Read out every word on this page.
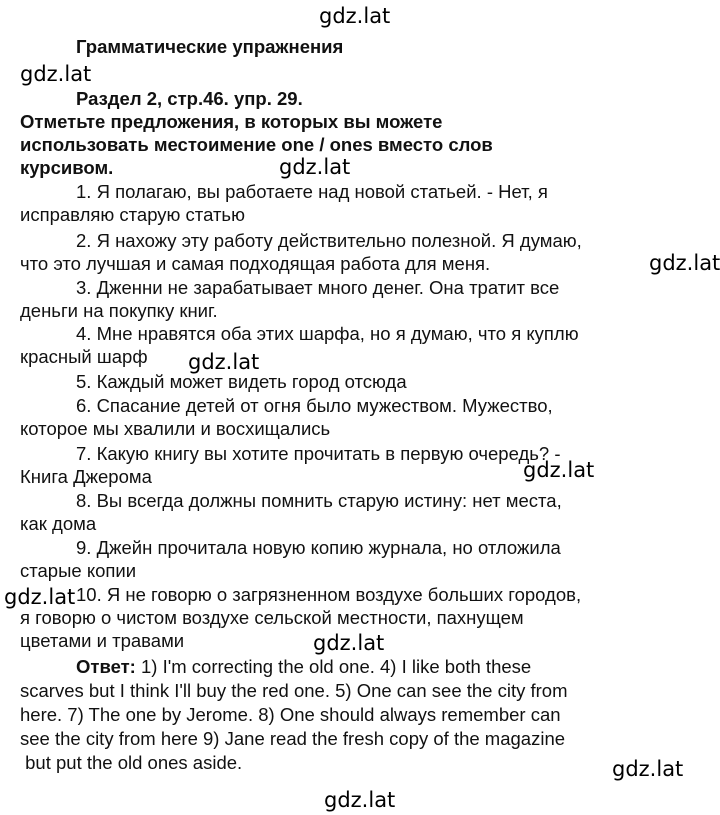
gdz.lat
gdz.lat
gdz.lat
gdz.lat
gdz.lat
gdz.lat
gdz.lat
gdz.lat
gdz.lat
gdz.lat
Грамматические упражнения
Раздел 2, стр.46. упр. 29.
Отметьте предложения, в которых вы можете
использовать местоимение one / ones вместо слов
курсивом.
1. Я полагаю, вы работаете над новой статьей. - Нет, я
исправляю старую статью
2. Я нахожу эту работу действительно полезной. Я думаю,
что это лучшая и самая подходящая работа для меня.
3. Дженни не зарабатывает много денег. Она тратит все
деньги на покупку книг.
4. Мне нравятся оба этих шарфа, но я думаю, что я куплю
красный шарф
5. Каждый может видеть город отсюда
6. Спасание детей от огня было мужеством. Мужество,
которое мы хвалили и восхищались
7. Какую книгу вы хотите прочитать в первую очередь? -
Книга Джерома
8. Вы всегда должны помнить старую истину: нет места,
как дома
9. Джейн прочитала новую копию журнала, но отложила
старые копии
10. Я не говорю о загрязненном воздухе больших городов,
я говорю о чистом воздухе сельской местности, пахнущем
цветами и травами
Ответ: 1) I'm correcting the old one. 4) I like both these
scarves but I think I'll buy the red one. 5) One can see the city from
here. 7) The one by Jerome. 8) One should always remember can
see the city from here 9) Jane read the fresh copy of the magazine
but put the old ones aside.
